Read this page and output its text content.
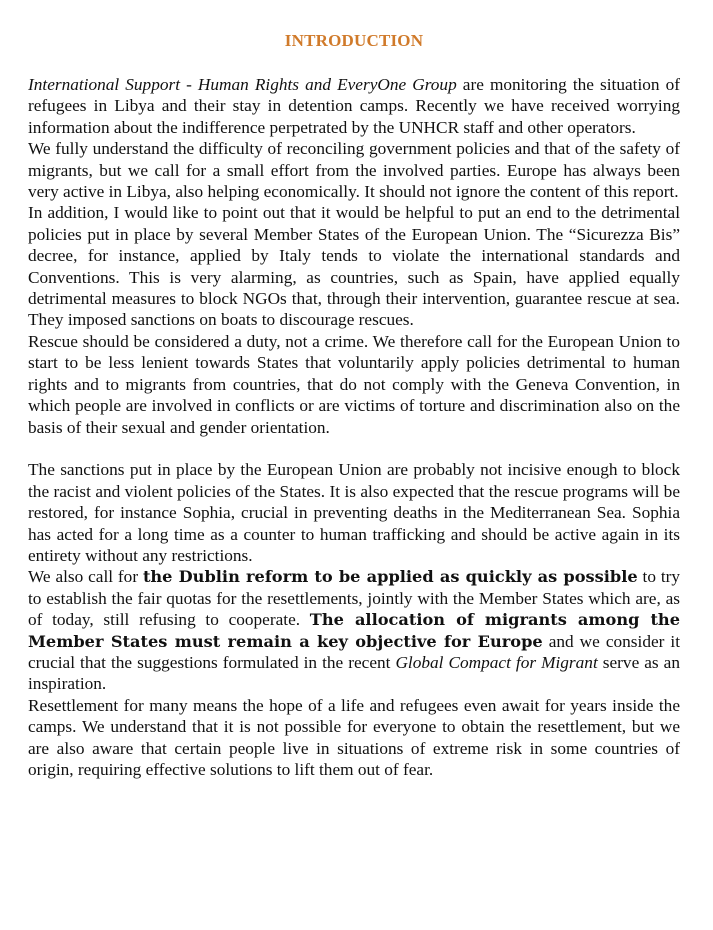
INTRODUCTION

International Support - Human Rights and EveryOne Group are monitoring the situation of refugees in Libya and their stay in detention camps. Recently we have received worrying information about the indifference perpetrated by the UNHCR staff and other operators.

We fully understand the difficulty of reconciling government policies and that of the safety of migrants, but we call for a small effort from the involved parties. Europe has always been very active in Libya, also helping economically. It should not ignore the content of this report.

In addition, I would like to point out that it would be helpful to put an end to the detrimental policies put in place by several Member States of the European Union. The “Sicurezza Bis” decree, for instance, applied by Italy tends to violate the international standards and Conventions. This is very alarming, as countries, such as Spain, have applied equally detrimental measures to block NGOs that, through their intervention, guarantee rescue at sea. They imposed sanctions on boats to discourage rescues.

Rescue should be considered a duty, not a crime. We therefore call for the European Union to start to be less lenient towards States that voluntarily apply policies detrimental to human rights and to migrants from countries, that do not comply with the Geneva Convention, in which people are involved in conflicts or are victims of torture and discrimination also on the basis of their sexual and gender orientation.

The sanctions put in place by the European Union are probably not incisive enough to block the racist and violent policies of the States. It is also expected that the rescue programs will be restored, for instance Sophia, crucial in preventing deaths in the Mediterranean Sea. Sophia has acted for a long time as a counter to human trafficking and should be active again in its entirety without any restrictions.

We also call for the Dublin reform to be applied as quickly as possible to try to establish the fair quotas for the resettlements, jointly with the Member States which are, as of today, still refusing to cooperate. The allocation of migrants among the Member States must remain a key objective for Europe and we consider it crucial that the suggestions formulated in the recent Global Compact for Migrant serve as an inspiration.

Resettlement for many means the hope of a life and refugees even await for years inside the camps. We understand that it is not possible for everyone to obtain the resettlement, but we are also aware that certain people live in situations of extreme risk in some countries of origin, requiring effective solutions to lift them out of fear.
